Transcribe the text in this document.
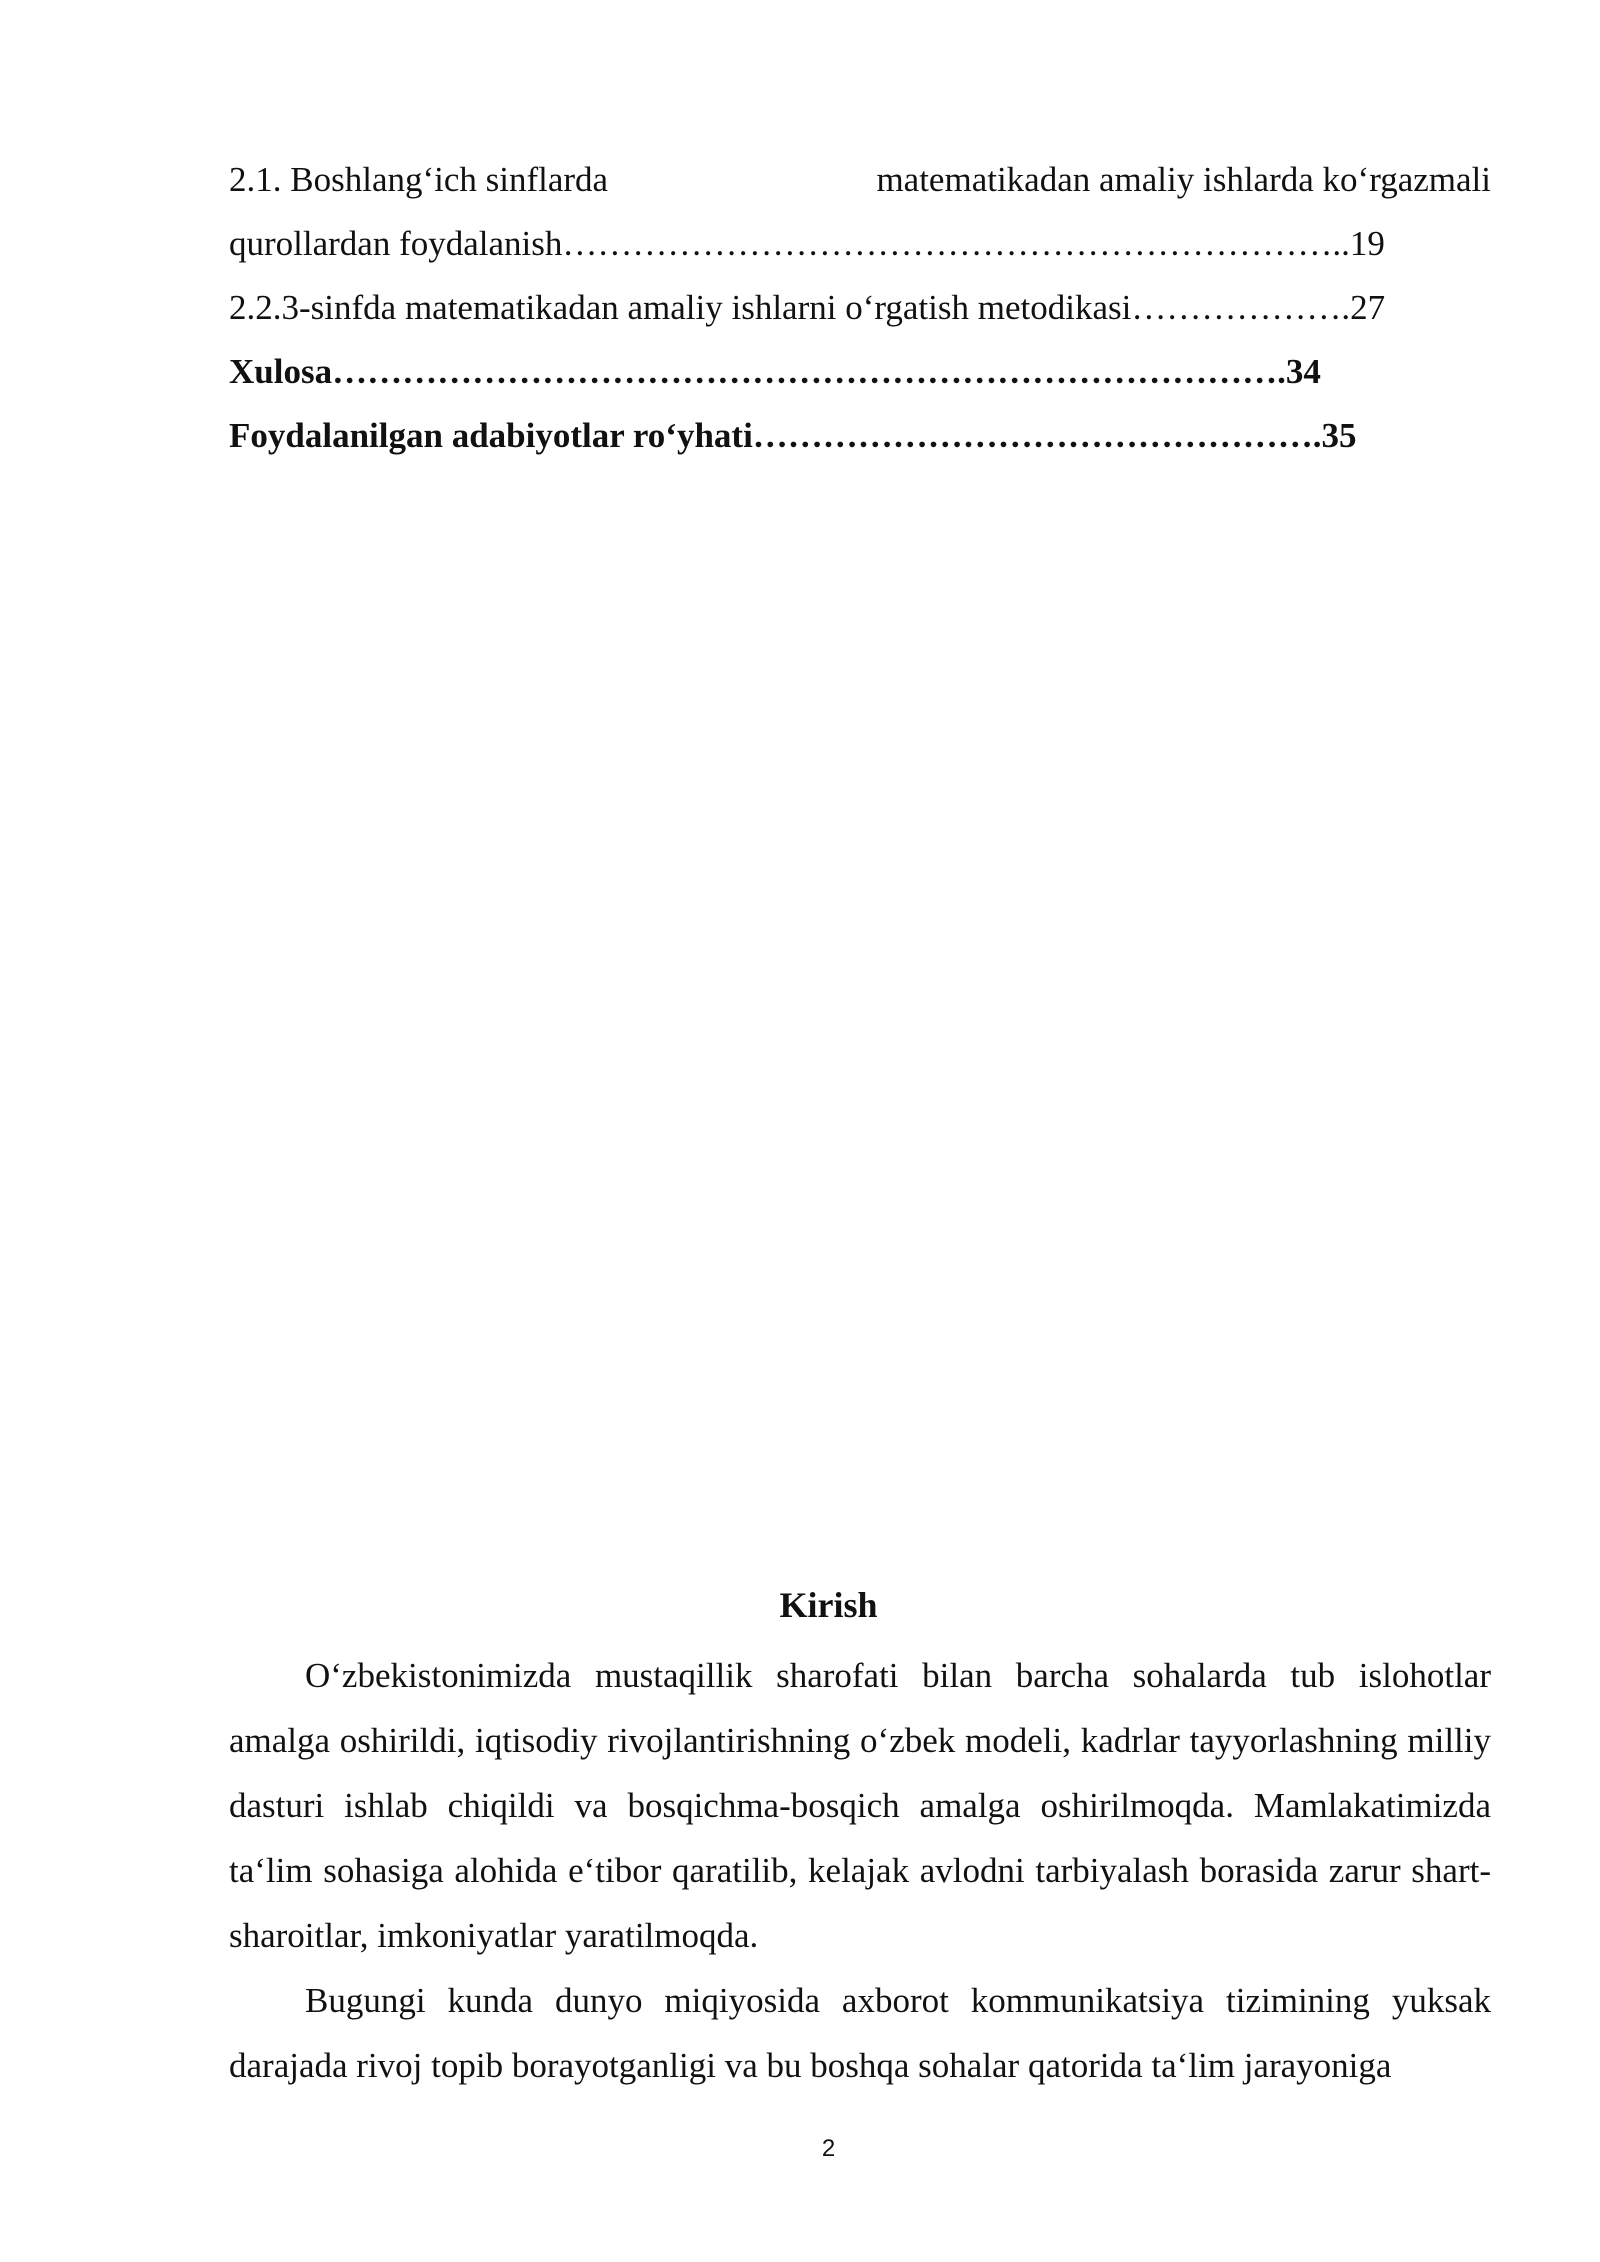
2.1. Boshlang‘ich sinflarda	matematikadan amaliy ishlarda ko‘rgazmali
qurollardan foydalanish…………………………………………………………..19
2.2.3-sinfda matematikadan amaliy ishlarni o‘rgatish metodikasi……………….27
Xulosa……………………………………………………………………….34
Foydalanilgan adabiyotlar ro‘yhati………………………………………….35
Kirish

O‘zbekistonimizda mustaqillik sharofati bilan barcha sohalarda tub islohotlar amalga oshirildi, iqtisodiy rivojlantirishning o‘zbek modeli, kadrlar tayyorlashning milliy dasturi ishlab chiqildi va bosqichma-bosqich amalga oshirilmoqda. Mamlakatimizda ta‘lim sohasiga alohida e‘tibor qaratilib, kelajak avlodni tarbiyalash borasida zarur shart-sharoitlar, imkoniyatlar yaratilmoqda.

Bugungi kunda dunyo miqiyosida axborot kommunikatsiya tizimining yuksak darajada rivoj topib borayotganligi va bu boshqa sohalar qatorida ta‘lim jarayoniga

2
